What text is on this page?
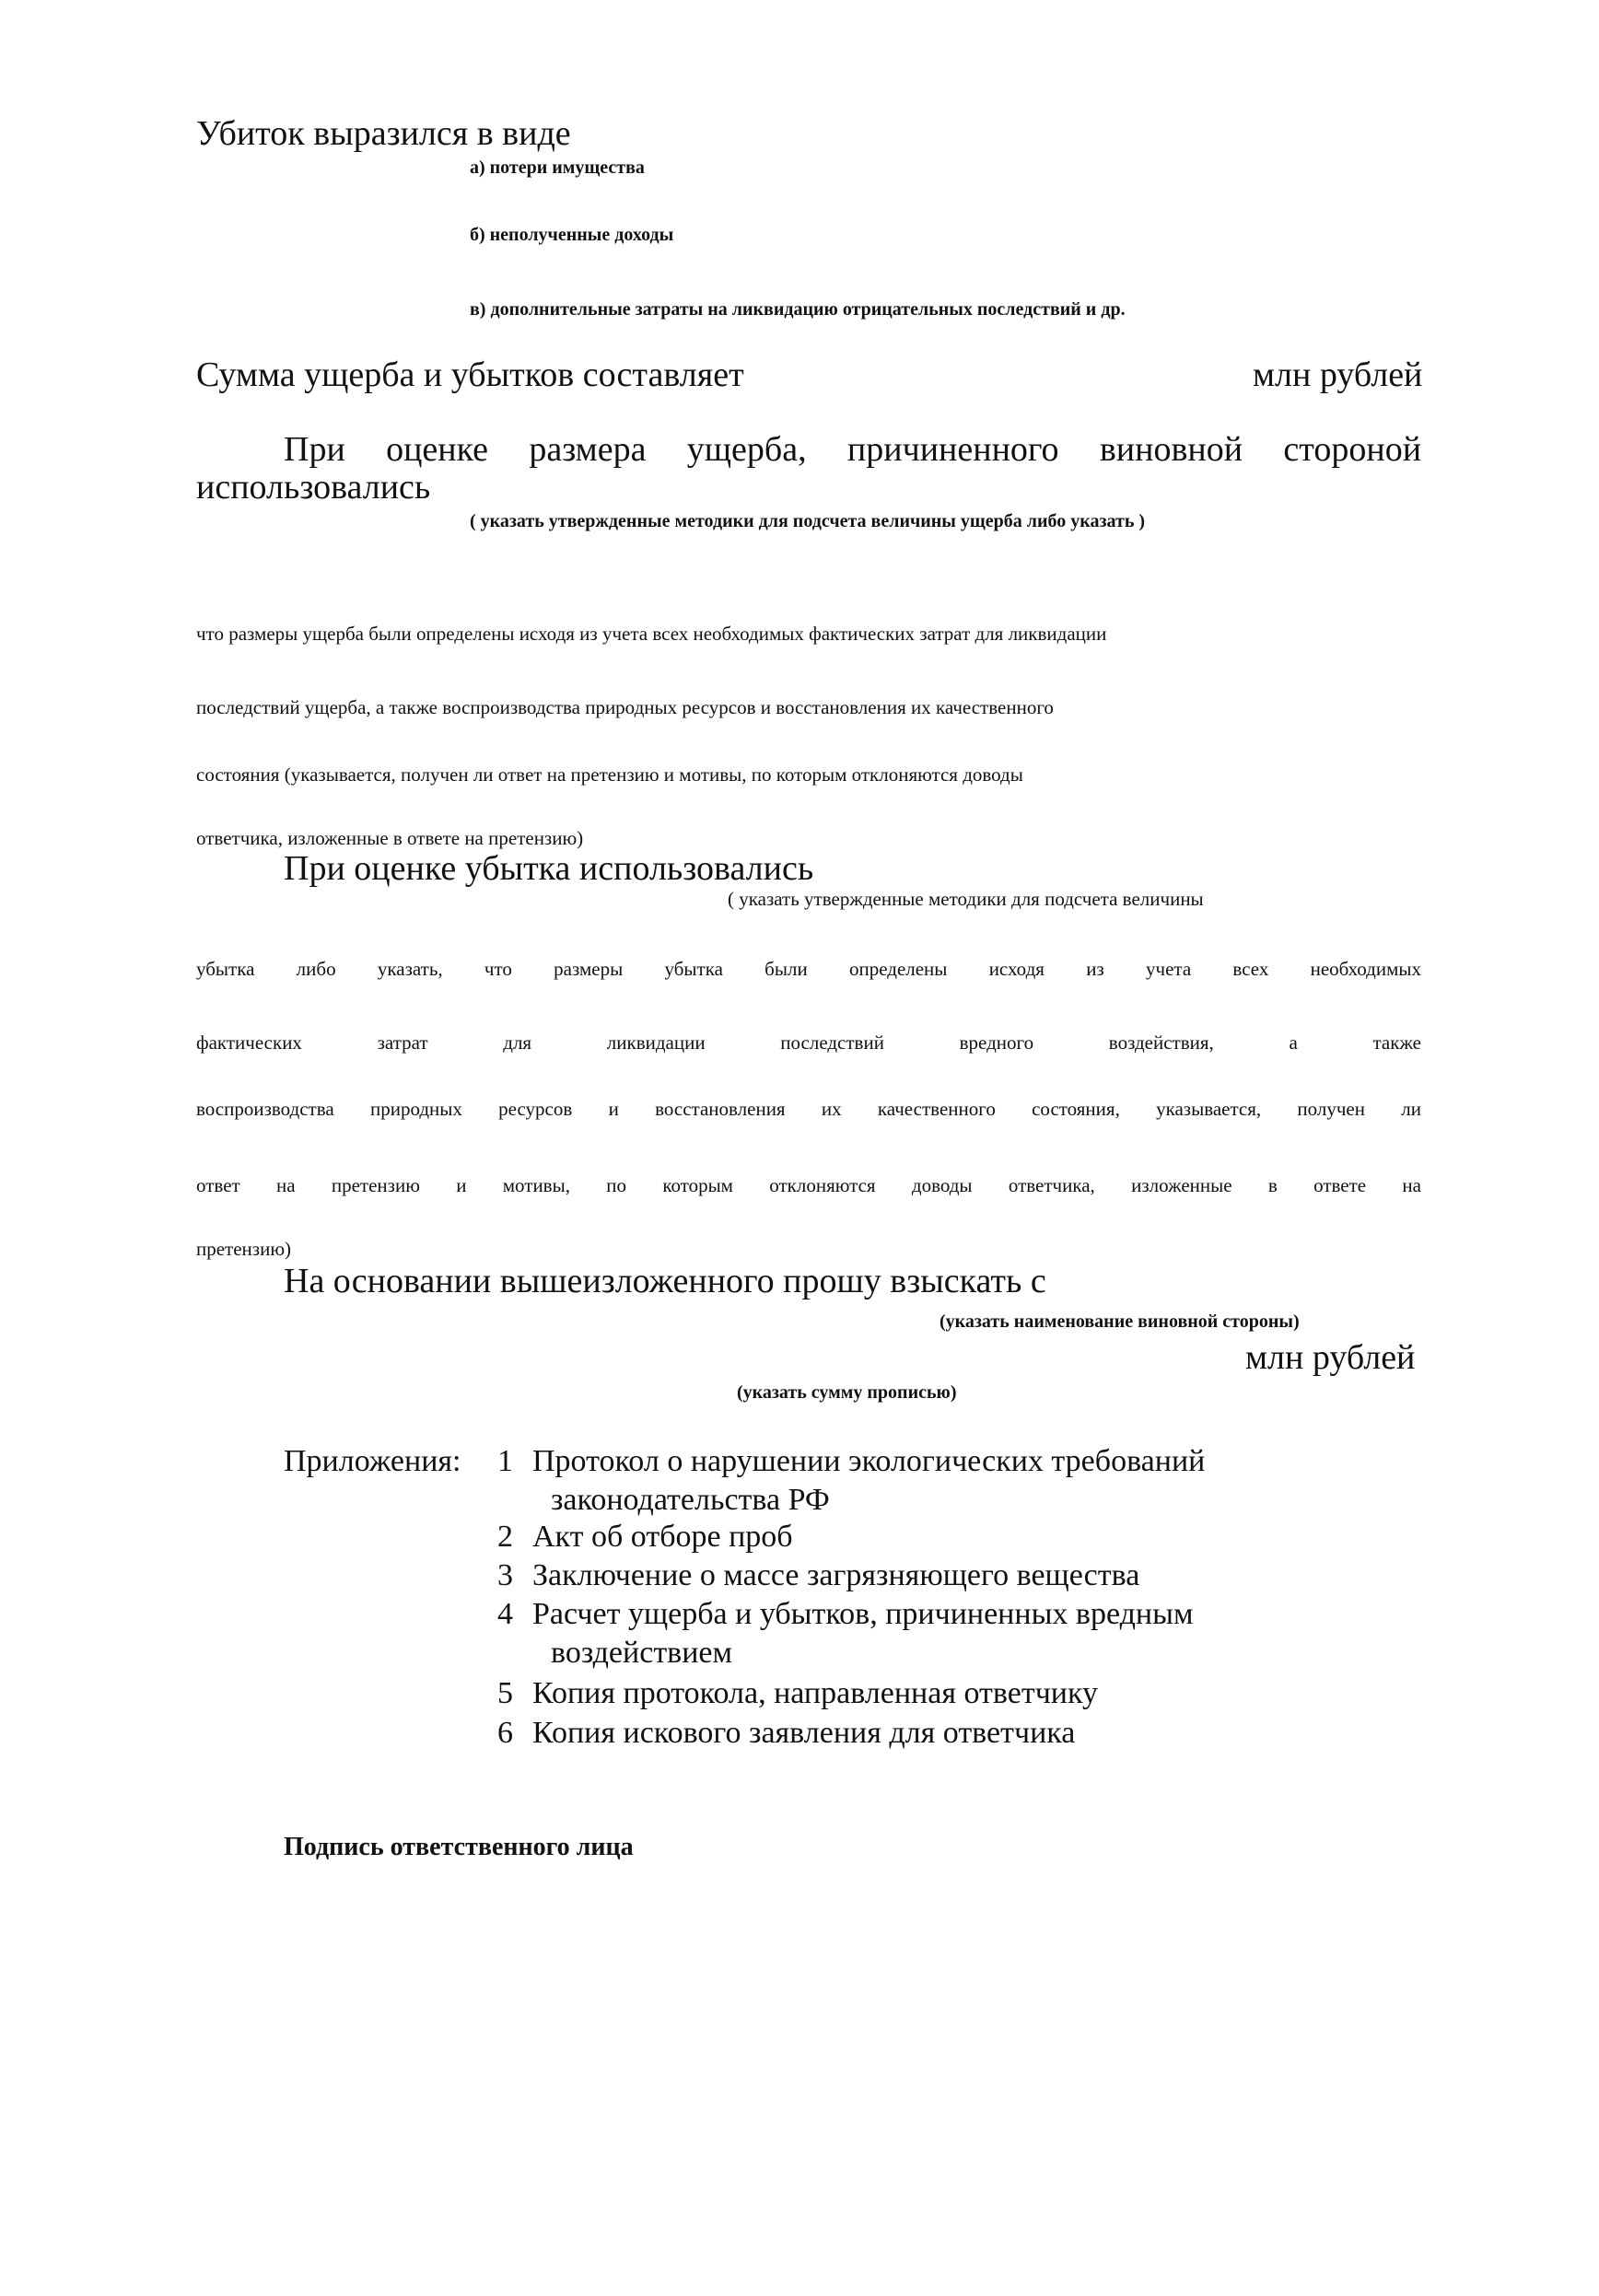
Убиток выразился в виде
а) потери имущества
б) неполученные доходы
в) дополнительные затраты на ликвидацию отрицательных последствий и др.
Сумма ущерба и убытков составляет	млн рублей
При оценке размера ущерба, причиненного виновной стороной
использовались
( указать утвержденные методики для подсчета величины ущерба либо указать )
что размеры ущерба были определены исходя из учета всех необходимых фактических затрат для ликвидации
последствий ущерба, а также воспроизводства природных ресурсов и восстановления их качественного
состояния (указывается, получен ли ответ на претензию и мотивы, по которым отклоняются доводы
ответчика, изложенные в ответе на претензию)
При оценке убытка использовались
( указать утвержденные методики для подсчета величины
убытка либо указать, что размеры убытка были определены исходя из учета всех необходимых
фактических затрат для ликвидации последствий вредного воздействия, а также
воспроизводства природных ресурсов и восстановления их качественного состояния, указывается, получен ли
ответ на претензию и мотивы, по которым отклоняются доводы ответчика, изложенные в ответе на
претензию)
На основании вышеизложенного прошу взыскать с
(указать наименование виновной стороны)
млн рублей
(указать сумму прописью)
Приложения: 1 Протокол о нарушении экологических требований
законодательства РФ
2 Акт об отборе проб
3 Заключение о массе загрязняющего вещества
4 Расчет ущерба и убытков, причиненных вредным
воздействием
5 Копия протокола, направленная ответчику
6 Копия искового заявления для ответчика
Подпись ответственного лица
